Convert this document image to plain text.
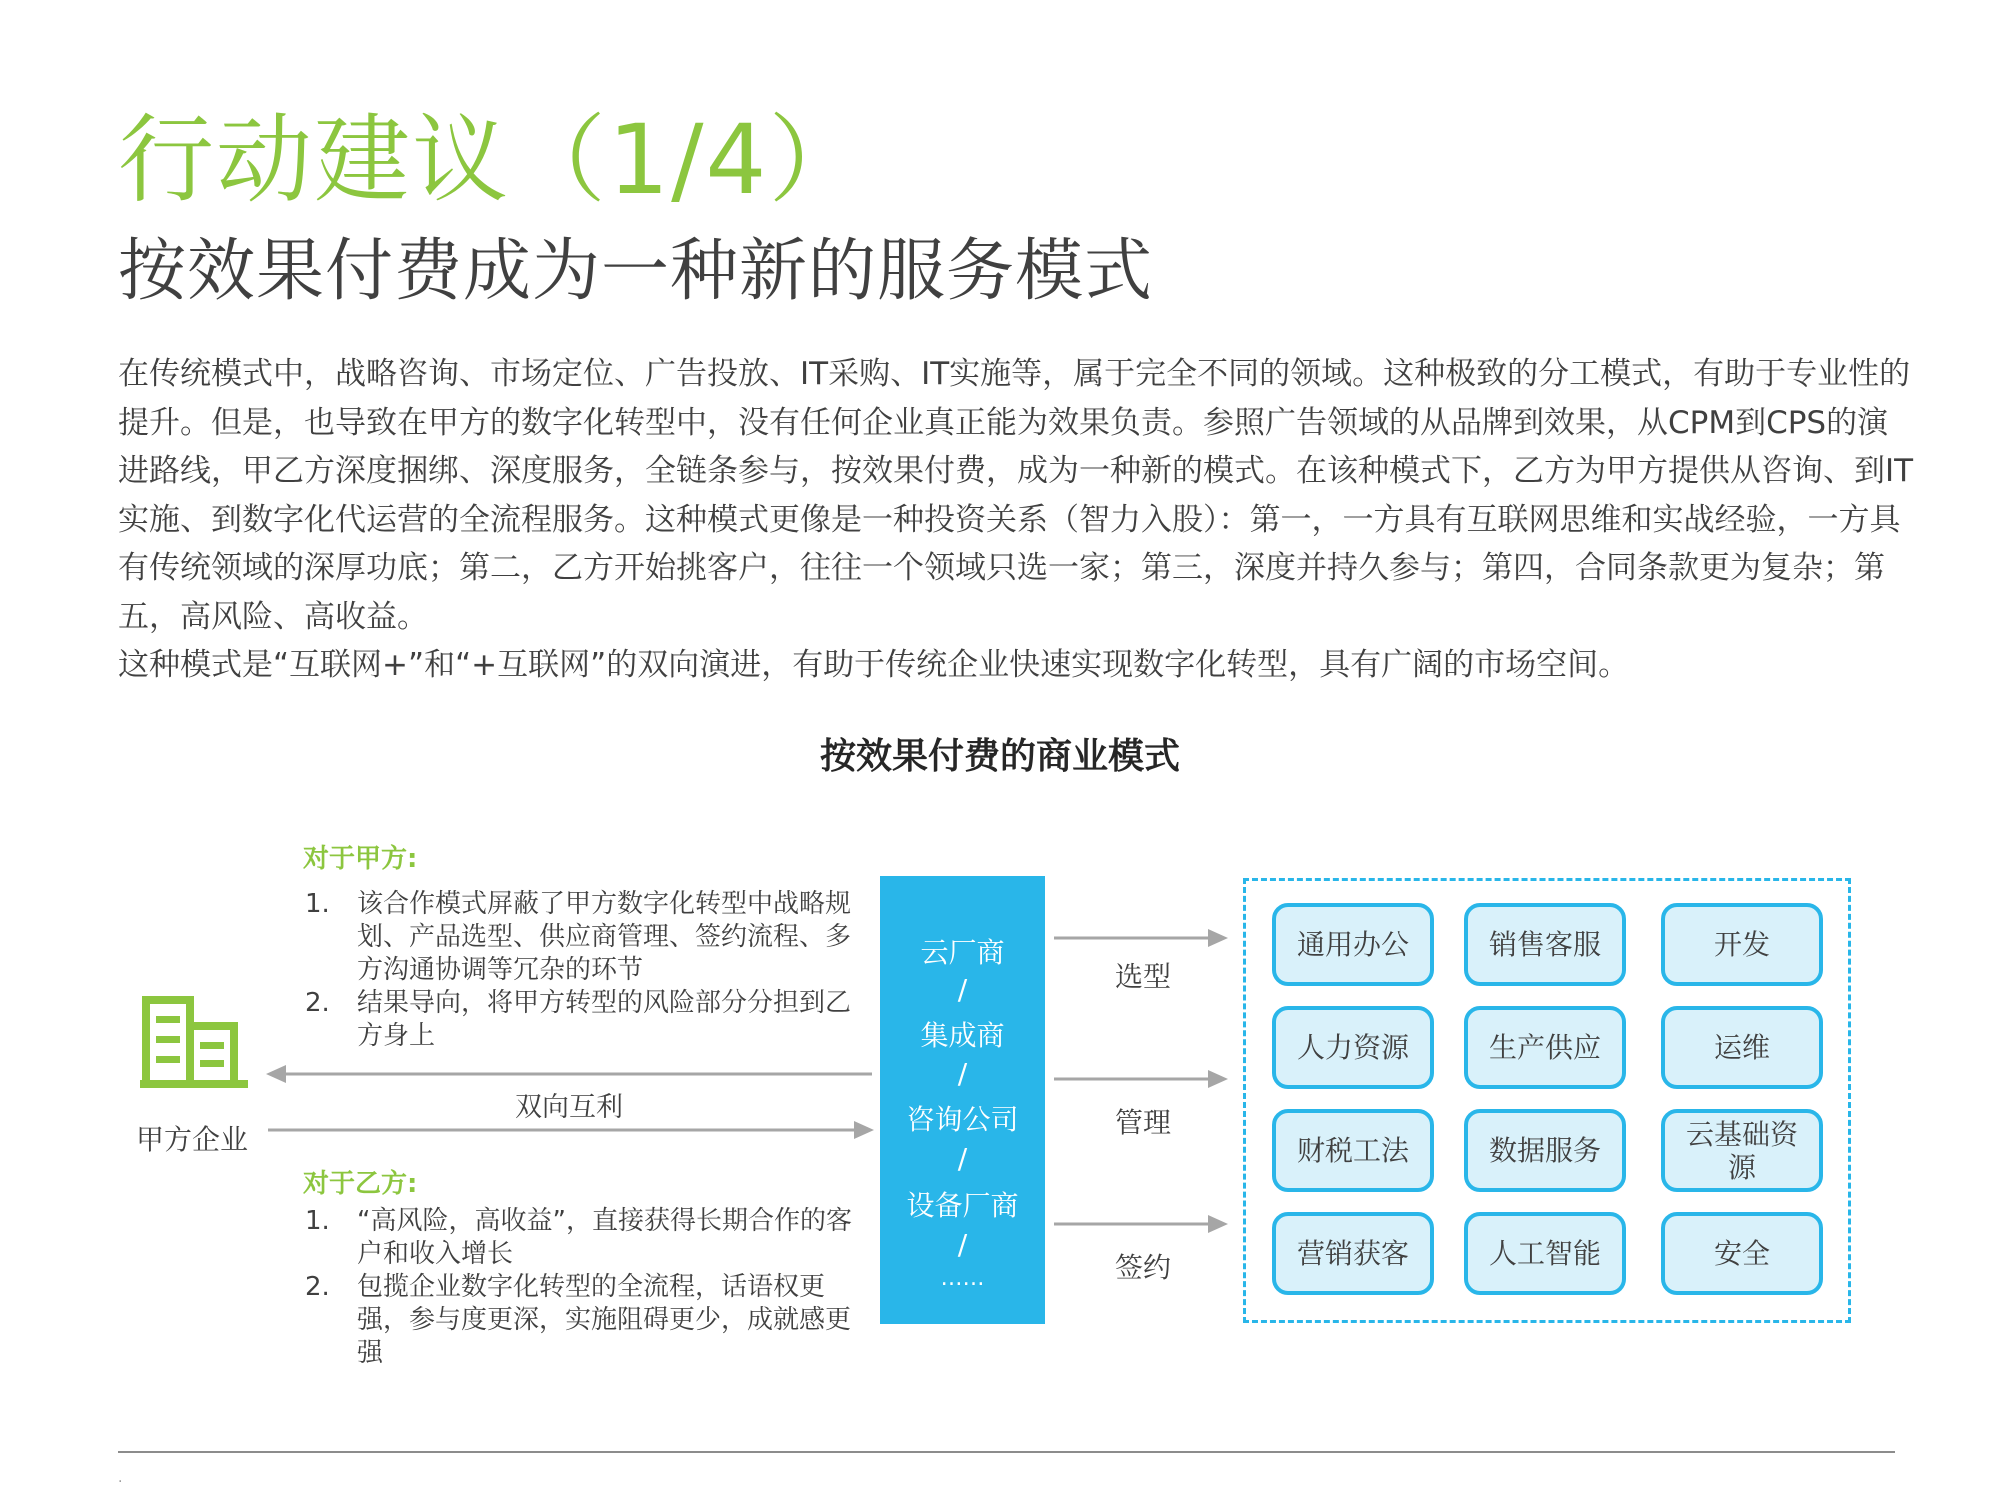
行动建议（1/4）
按效果付费成为一种新的服务模式

在传统模式中，战略咨询、市场定位、广告投放、IT采购、IT实施等，属于完全不同的领域。这种极致的分工模式，有助于专业性的提升。但是，也导致在甲方的数字化转型中，没有任何企业真正能为效果负责。参照广告领域的从品牌到效果，从CPM到CPS的演进路线，甲乙方深度捆绑、深度服务，全链条参与，按效果付费，成为一种新的模式。在该种模式下，乙方为甲方提供从咨询、到IT实施、到数字化代运营的全流程服务。这种模式更像是一种投资关系（智力入股）：第一，一方具有互联网思维和实战经验，一方具有传统领域的深厚功底；第二，乙方开始挑客户，往往一个领域只选一家；第三，深度并持久参与；第四，合同条款更为复杂；第五，高风险、高收益。

这种模式是“互联网+”和“+互联网”的双向演进，有助于传统企业快速实现数字化转型，具有广阔的市场空间。

按效果付费的商业模式
对于甲方:
1. 该合作模式屏蔽了甲方数字化转型中战略规划、产品选型、供应商管理、签约流程、多方沟通协调等冗杂的环节
2. 结果导向，将甲方转型的风险部分分担到乙方身上
对于乙方:
1. “高风险，高收益”，直接获得长期合作的客户和收入增长
2. 包揽企业数字化转型的全流程，话语权更强，参与度更深，实施阻碍更少，成就感更强
甲方企业
双向互利
云厂商
/
集成商
/
咨询公司
/
设备厂商
/
……
选型
管理
签约
通用办公	销售客服	开发
人力资源	生产供应	运维
财税工法	数据服务	云基础资源
营销获客	人工智能	安全
.
